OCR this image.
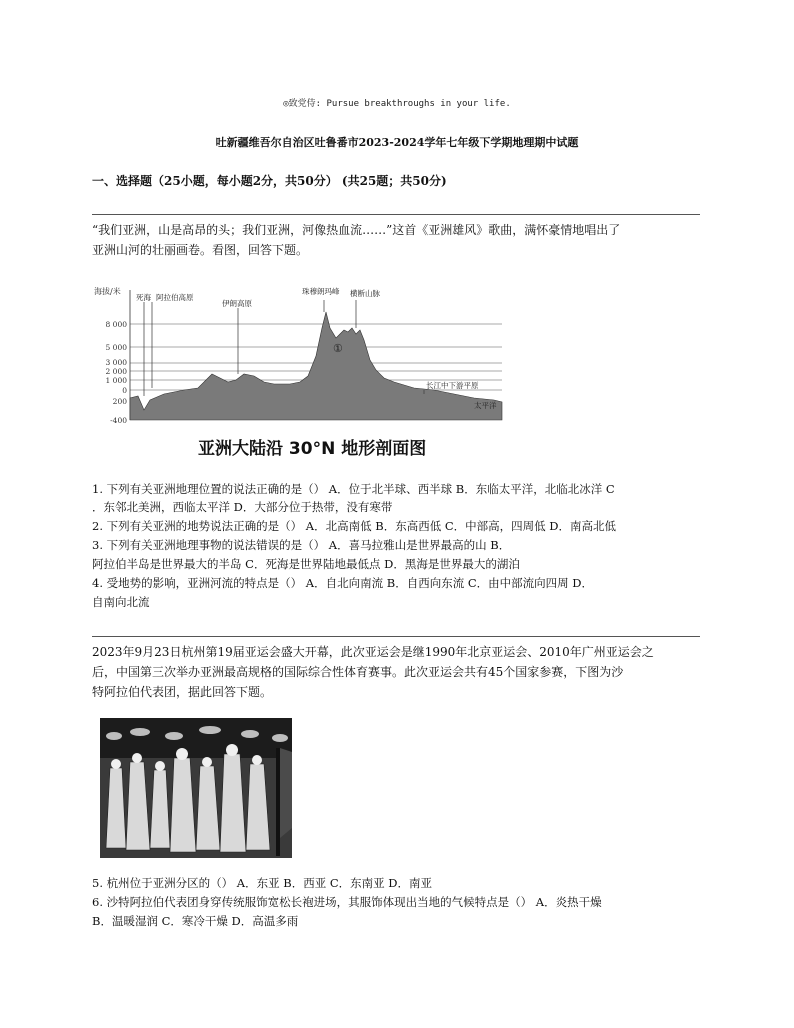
◎致党侍: Pursue breakthroughs in your life.
吐新疆维吾尔自治区吐鲁番市2023-2024学年七年级下学期地理期中试题
一、选择题（25小题，每小题2分，共50分） (共25题；共50分)
“我们亚洲，山是高昂的头；我们亚洲，河像热血流……”这首《亚洲雄风》歌曲，满怀豪情地唱出了
亚洲山河的壮丽画卷。看图，回答下题。
海拔/米
8 000
5 000
3 000
2 000
1 000
0
200
-400
死海 阿拉伯高原
伊朗高原
珠穆朗玛峰 横断山脉
①
长江中下游平原
太平洋
亚洲大陆沿 30°N 地形剖面图
1. 下列有关亚洲地理位置的说法正确的是（） A．位于北半球、西半球 B．东临太平洋，北临北冰洋 C
．东邻北美洲，西临太平洋 D．大部分位于热带，没有寒带
2. 下列有关亚洲的地势说法正确的是（） A．北高南低 B．东高西低 C．中部高，四周低 D．南高北低
3. 下列有关亚洲地理事物的说法错误的是（） A．喜马拉雅山是世界最高的山 B．
阿拉伯半岛是世界最大的半岛 C．死海是世界陆地最低点 D．黑海是世界最大的湖泊
4. 受地势的影响，亚洲河流的特点是（） A．自北向南流 B．自西向东流 C．由中部流向四周 D．
自南向北流
2023年9月23日杭州第19届亚运会盛大开幕，此次亚运会是继1990年北京亚运会、2010年广州亚运会之
后，中国第三次举办亚洲最高规格的国际综合性体育赛事。此次亚运会共有45个国家参赛，下图为沙
特阿拉伯代表团，据此回答下题。
5. 杭州位于亚洲分区的（） A．东亚 B．西亚 C．东南亚 D．南亚
6. 沙特阿拉伯代表团身穿传统服饰宽松长袍进场，其服饰体现出当地的气候特点是（） A．炎热干燥
B．温暖湿润 C．寒冷干燥 D．高温多雨
